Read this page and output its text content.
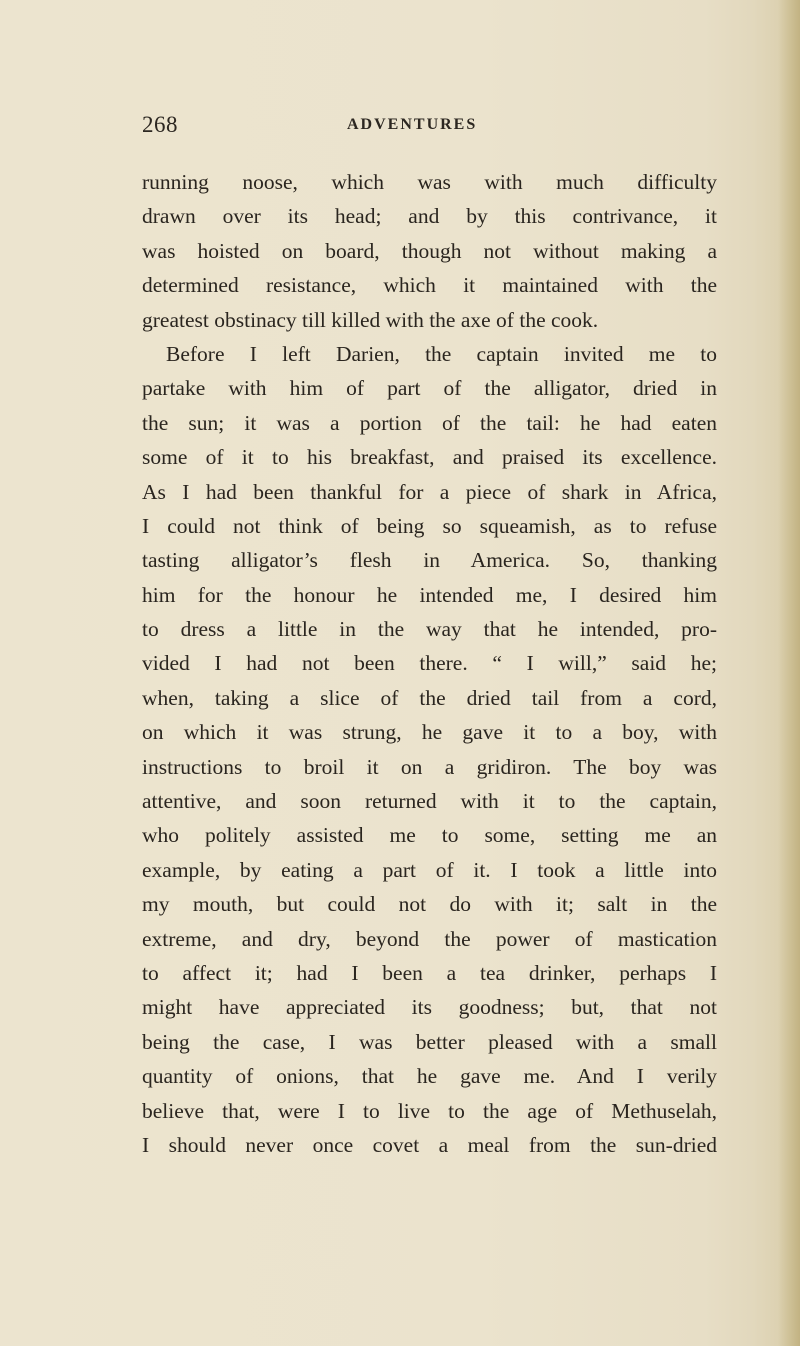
268	ADVENTURES
running noose, which was with much difficulty
drawn over its head; and by this contrivance, it
was hoisted on board, though not without making a
determined resistance, which it maintained with the
greatest obstinacy till killed with the axe of the cook.
Before I left Darien, the captain invited me to
partake with him of part of the alligator, dried in
the sun; it was a portion of the tail: he had eaten
some of it to his breakfast, and praised its excellence.
As I had been thankful for a piece of shark in Africa,
I could not think of being so squeamish, as to refuse
tasting alligator’s flesh in America. So, thanking
him for the honour he intended me, I desired him
to dress a little in the way that he intended, pro-
vided I had not been there. “ I will,” said he;
when, taking a slice of the dried tail from a cord,
on which it was strung, he gave it to a boy, with
instructions to broil it on a gridiron. The boy was
attentive, and soon returned with it to the captain,
who politely assisted me to some, setting me an
example, by eating a part of it. I took a little into
my mouth, but could not do with it; salt in the
extreme, and dry, beyond the power of mastication
to affect it; had I been a tea drinker, perhaps I
might have appreciated its goodness; but, that not
being the case, I was better pleased with a small
quantity of onions, that he gave me. And I verily
believe that, were I to live to the age of Methuselah,
I should never once covet a meal from the sun-dried
